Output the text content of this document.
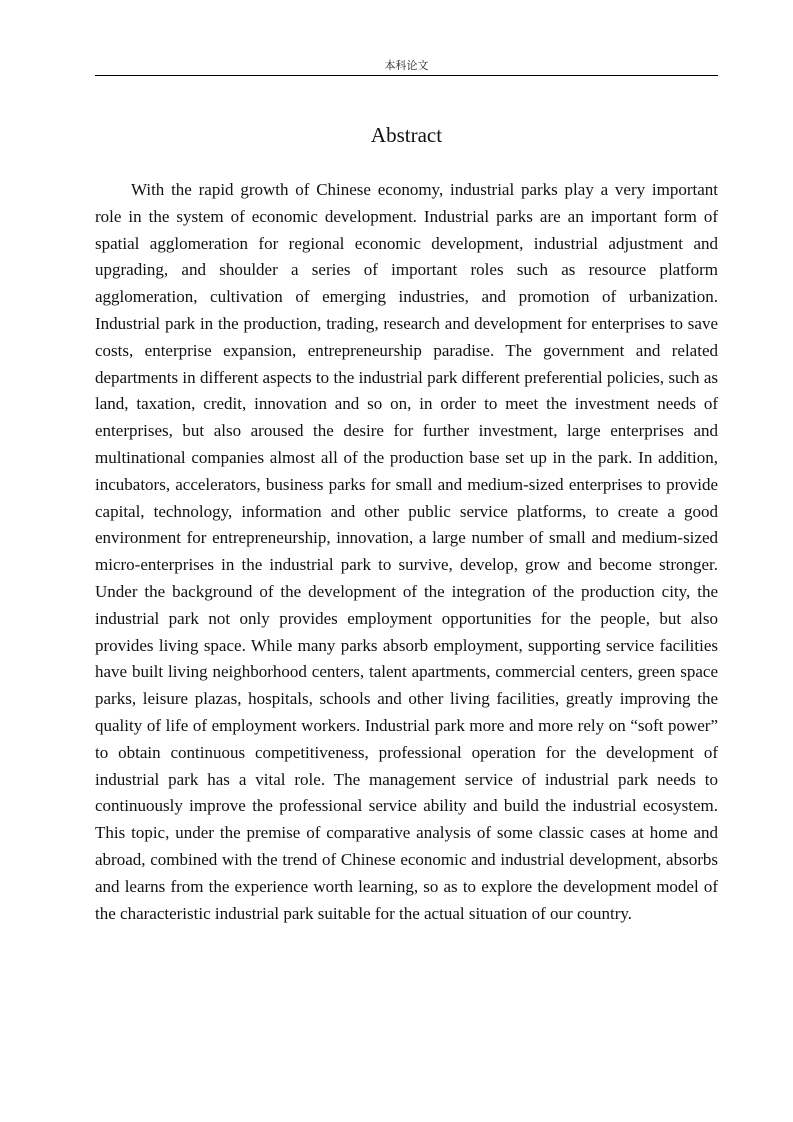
本科论文
Abstract

With the rapid growth of Chinese economy, industrial parks play a very important role in the system of economic development. Industrial parks are an important form of spatial agglomeration for regional economic development, industrial adjustment and upgrading, and shoulder a series of important roles such as resource platform agglomeration, cultivation of emerging industries, and promotion of urbanization. Industrial park in the production, trading, research and development for enterprises to save costs, enterprise expansion, entrepreneurship paradise. The government and related departments in different aspects to the industrial park different preferential policies, such as land, taxation, credit, innovation and so on, in order to meet the investment needs of enterprises, but also aroused the desire for further investment, large enterprises and multinational companies almost all of the production base set up in the park. In addition, incubators, accelerators, business parks for small and medium-sized enterprises to provide capital, technology, information and other public service platforms, to create a good environment for entrepreneurship, innovation, a large number of small and medium-sized micro-enterprises in the industrial park to survive, develop, grow and become stronger. Under the background of the development of the integration of the production city, the industrial park not only provides employment opportunities for the people, but also provides living space. While many parks absorb employment, supporting service facilities have built living neighborhood centers, talent apartments, commercial centers, green space parks, leisure plazas, hospitals, schools and other living facilities, greatly improving the quality of life of employment workers. Industrial park more and more rely on “soft power” to obtain continuous competitiveness, professional operation for the development of industrial park has a vital role. The management service of industrial park needs to continuously improve the professional service ability and build the industrial ecosystem. This topic, under the premise of comparative analysis of some classic cases at home and abroad, combined with the trend of Chinese economic and industrial development, absorbs and learns from the experience worth learning, so as to explore the development model of the characteristic industrial park suitable for the actual situation of our country.
